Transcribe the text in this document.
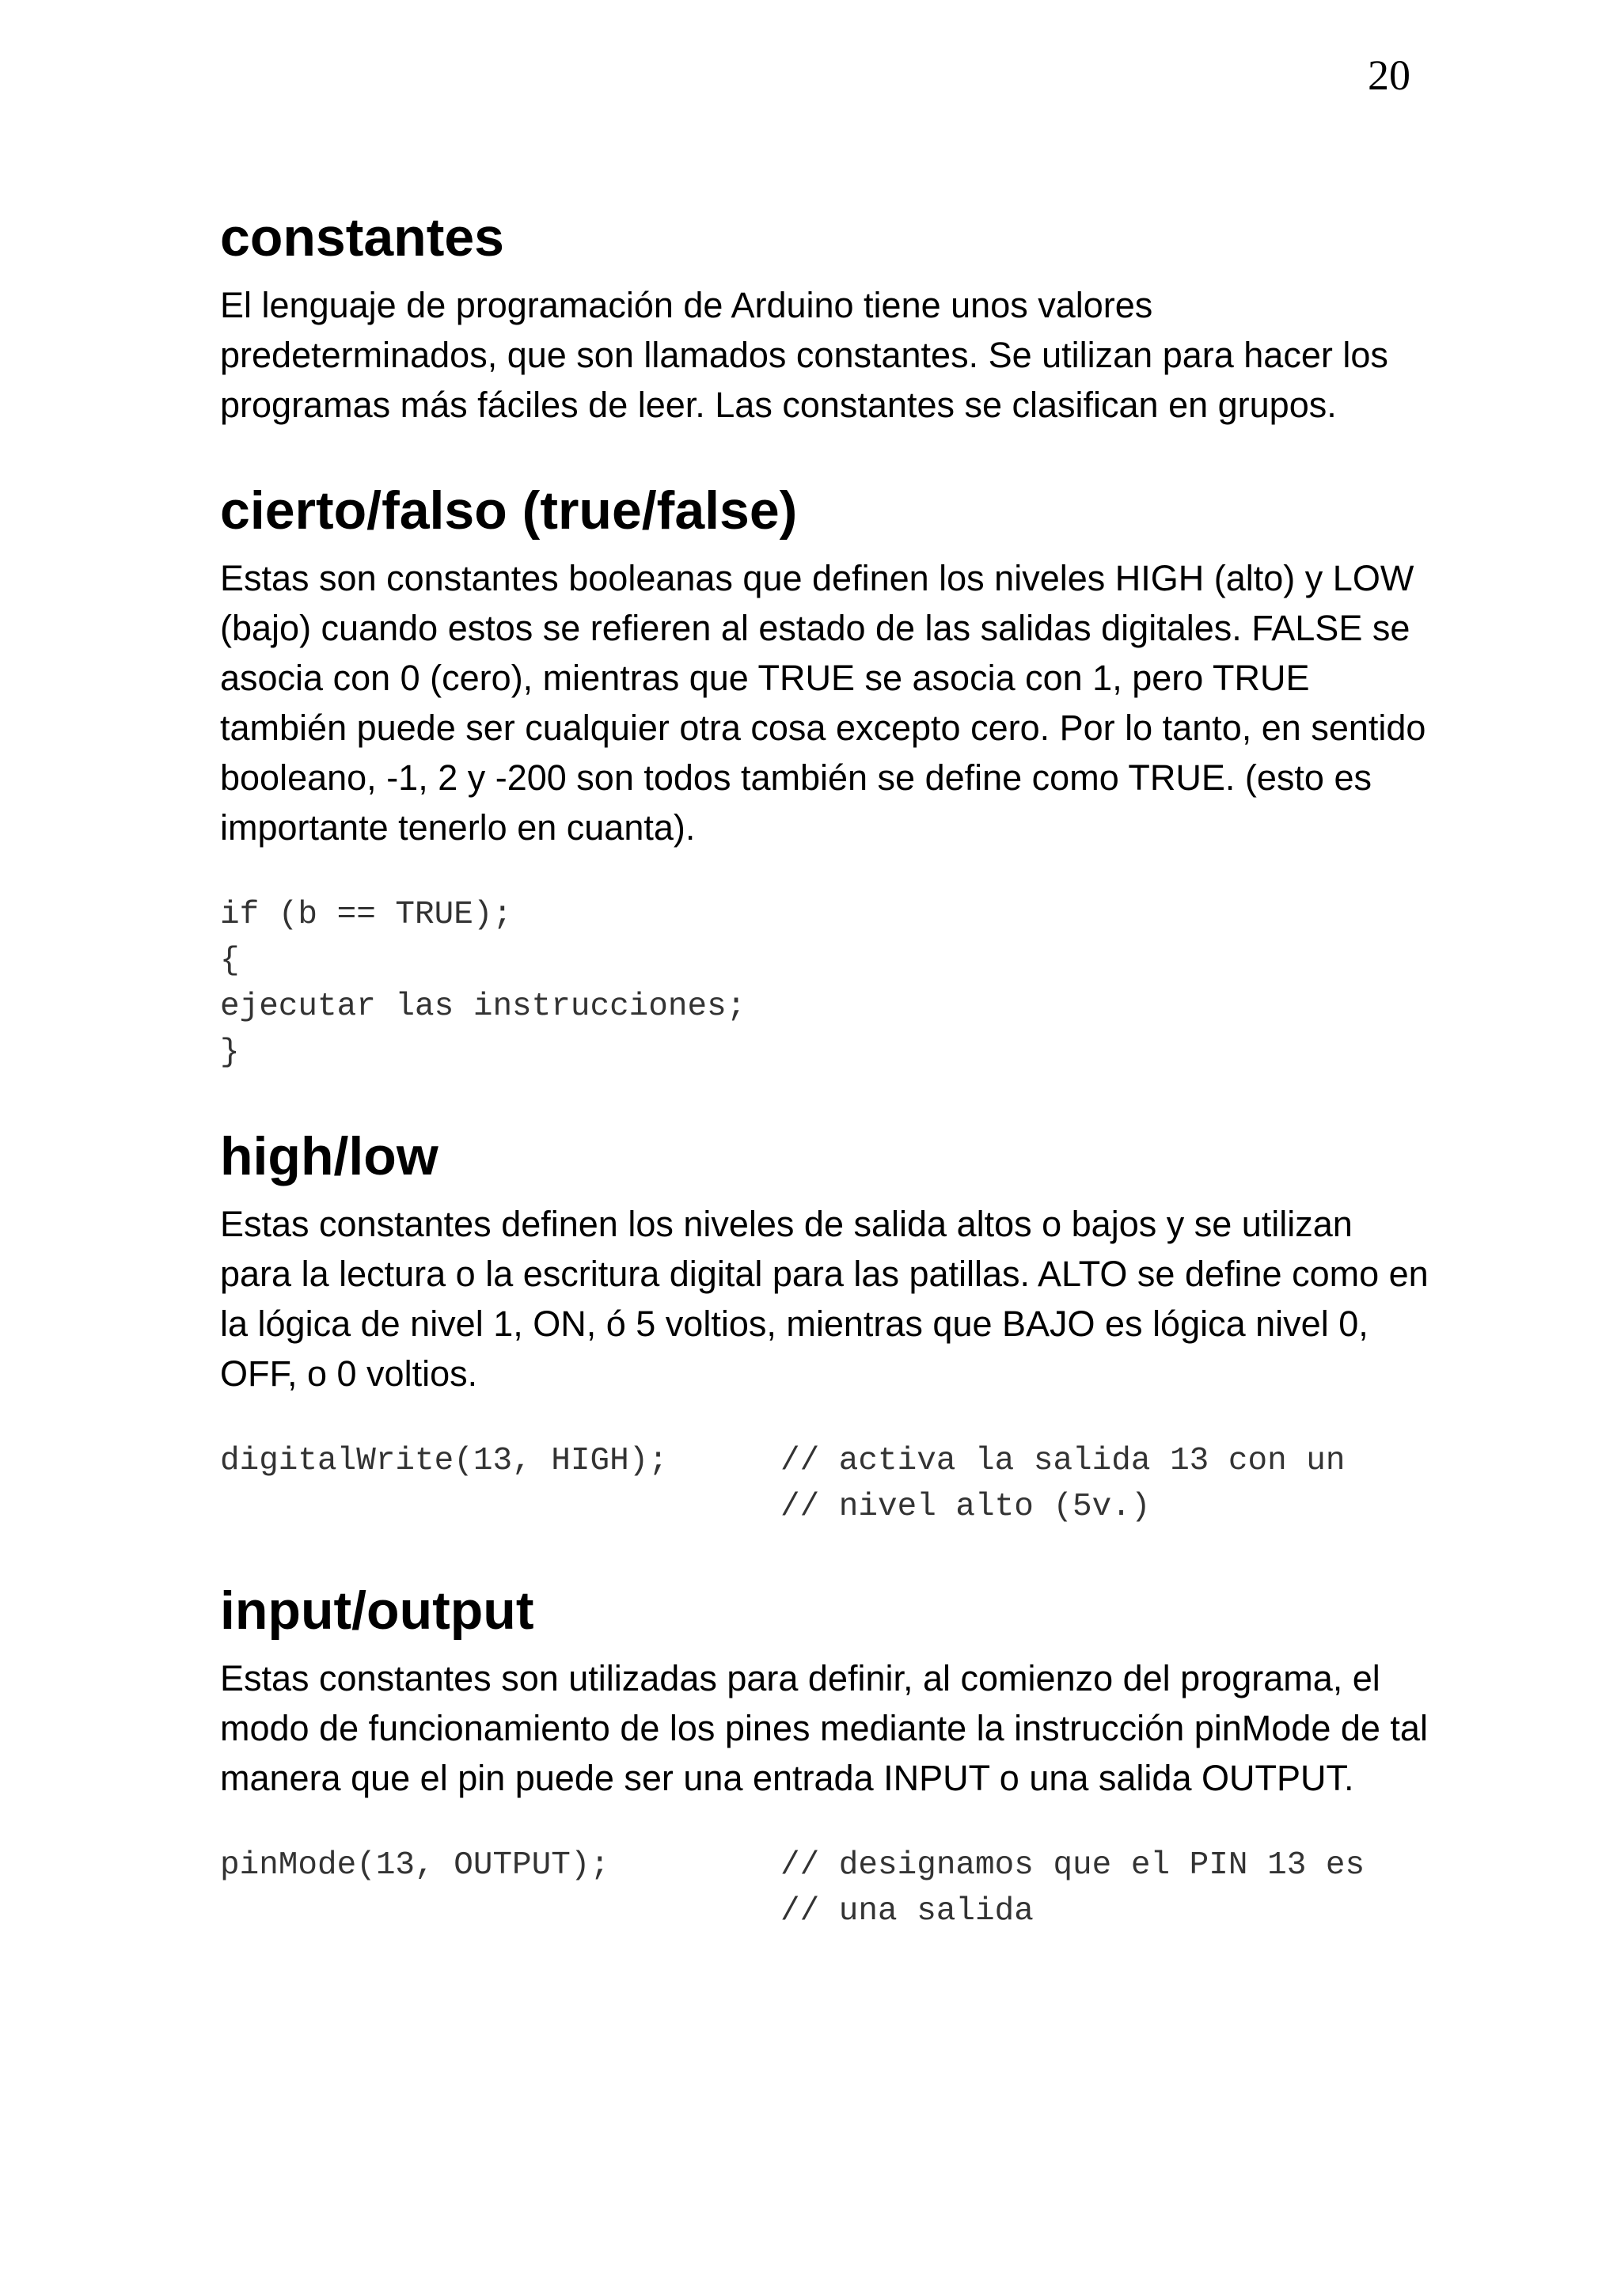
20
constantes

El lenguaje de programación de Arduino tiene unos valores predeterminados, que son llamados constantes. Se utilizan para hacer los programas más fáciles de leer. Las constantes se clasifican en grupos.

cierto/falso (true/false)

Estas son constantes booleanas que definen los niveles HIGH (alto) y LOW (bajo) cuando estos se refieren al estado de las salidas digitales. FALSE se asocia con 0 (cero), mientras que TRUE se asocia con 1, pero TRUE también puede ser cualquier otra cosa excepto cero. Por lo tanto, en sentido booleano, -1, 2 y -200 son todos también se define como TRUE. (esto es importante tenerlo en cuanta).

if (b == TRUE);
{
ejecutar las instrucciones;
}
high/low

Estas constantes definen los niveles de salida altos o bajos y se utilizan para la lectura o la escritura digital para las patillas. ALTO se define como en la lógica de nivel 1, ON, ó 5 voltios, mientras que BAJO es lógica nivel 0, OFF, o 0 voltios.

digitalWrite(13, HIGH);	// activa la salida 13 con un
// nivel alto (5v.)
input/output

Estas constantes son utilizadas para definir, al comienzo del programa, el modo de funcionamiento de los pines mediante la instrucción pinMode de tal manera que el pin puede ser una entrada INPUT o una salida OUTPUT.

pinMode(13, OUTPUT);	// designamos que el PIN 13 es
// una salida
